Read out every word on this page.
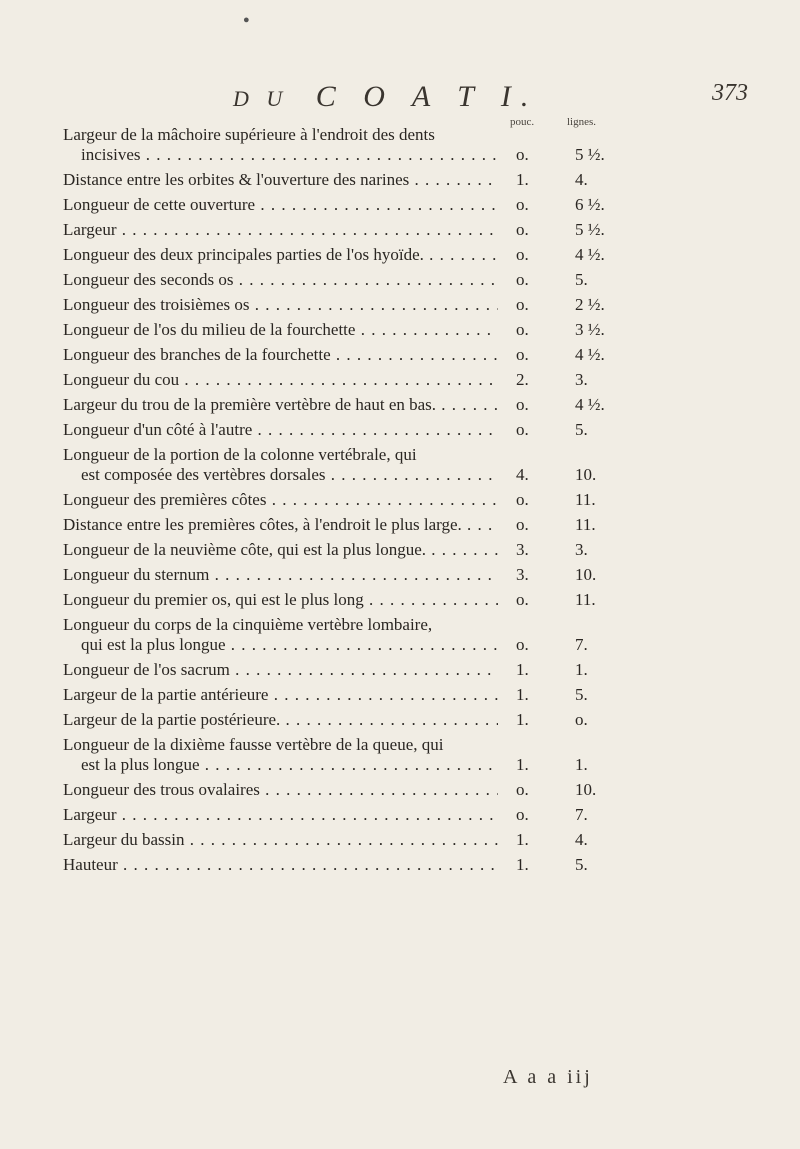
●
D U C O A T I.	373
pouc.	lignes.
Largeur de la mâchoire supérieure à l'endroit des dents
incisives . . .	o.	5 ½.
Distance entre les orbites & l'ouverture des narines . . .	1.	4.
Longueur de cette ouverture . . .	o.	6 ½.
Largeur . . .	o.	5 ½.
Longueur des deux principales parties de l'os hyoïde. . . .	o.	4 ½.
Longueur des seconds os . . .	o.	5.
Longueur des troisièmes os . . .	o.	2 ½.
Longueur de l'os du milieu de la fourchette . . .	o.	3 ½.
Longueur des branches de la fourchette . . .	o.	4 ½.
Longueur du cou . . .	2.	3.
Largeur du trou de la première vertèbre de haut en bas. . . .	o.	4 ½.
Longueur d'un côté à l'autre . . .	o.	5.
Longueur de la portion de la colonne vertébrale, qui
est composée des vertèbres dorsales . . .	4.	10.
Longueur des premières côtes . . .	o.	11.
Distance entre les premières côtes, à l'endroit le plus large. . . .	o.	11.
Longueur de la neuvième côte, qui est la plus longue. . . .	3.	3.
Longueur du sternum . . .	3.	10.
Longueur du premier os, qui est le plus long . . .	o.	11.
Longueur du corps de la cinquième vertèbre lombaire,
qui est la plus longue . . .	o.	7.
Longueur de l'os sacrum . . .	1.	1.
Largeur de la partie antérieure . . .	1.	5.
Largeur de la partie postérieure. . . .	1.	o.
Longueur de la dixième fausse vertèbre de la queue, qui
est la plus longue . . .	1.	1.
Longueur des trous ovalaires . . .	o.	10.
Largeur . . .	o.	7.
Largeur du bassin . . .	1.	4.
Hauteur . . .	1.	5.
A a a iij
